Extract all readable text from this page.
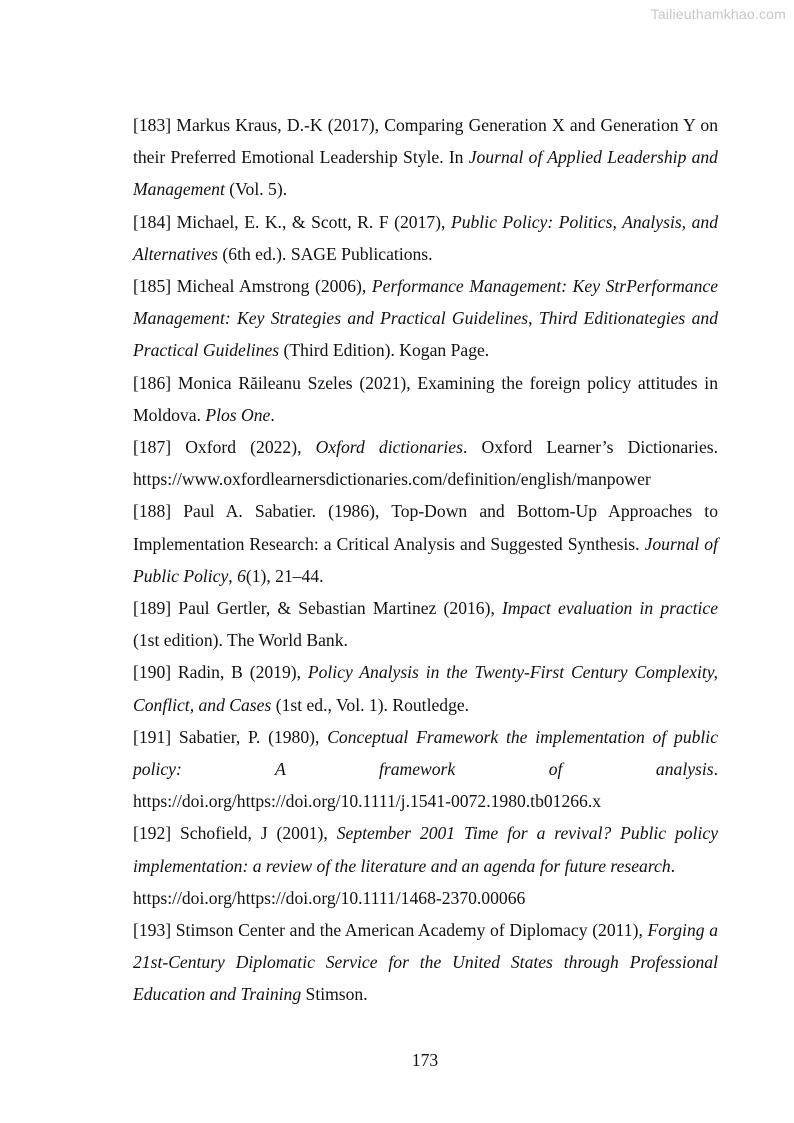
Tailieuthamkhao.com

[183] Markus Kraus, D.-K (2017), Comparing Generation X and Generation Y on their Preferred Emotional Leadership Style. In Journal of Applied Leadership and Management (Vol. 5).

[184] Michael, E. K., & Scott, R. F (2017), Public Policy: Politics, Analysis, and Alternatives (6th ed.). SAGE Publications.

[185] Micheal Amstrong (2006), Performance Management: Key StrPerformance Management: Key Strategies and Practical Guidelines, Third Editionategies and Practical Guidelines (Third Edition). Kogan Page.

[186] Monica Răileanu Szeles (2021), Examining the foreign policy attitudes in Moldova. Plos One.

[187] Oxford (2022), Oxford dictionaries. Oxford Learner’s Dictionaries. https://www.oxfordlearnersdictionaries.com/definition/english/manpower

[188] Paul A. Sabatier. (1986), Top-Down and Bottom-Up Approaches to Implementation Research: a Critical Analysis and Suggested Synthesis. Journal of Public Policy, 6(1), 21–44.

[189] Paul Gertler, & Sebastian Martinez (2016), Impact evaluation in practice (1st edition). The World Bank.

[190] Radin, B (2019), Policy Analysis in the Twenty-First Century Complexity, Conflict, and Cases (1st ed., Vol. 1). Routledge.

[191] Sabatier, P. (1980), Conceptual Framework the implementation of public policy: A framework of analysis.

https://doi.org/https://doi.org/10.1111/j.1541-0072.1980.tb01266.x

[192] Schofield, J (2001), September 2001 Time for a revival? Public policy implementation: a review of the literature and an agenda for future research.

https://doi.org/https://doi.org/10.1111/1468-2370.00066

[193] Stimson Center and the American Academy of Diplomacy (2011), Forging a 21st-Century Diplomatic Service for the United States through Professional Education and Training Stimson.

173
